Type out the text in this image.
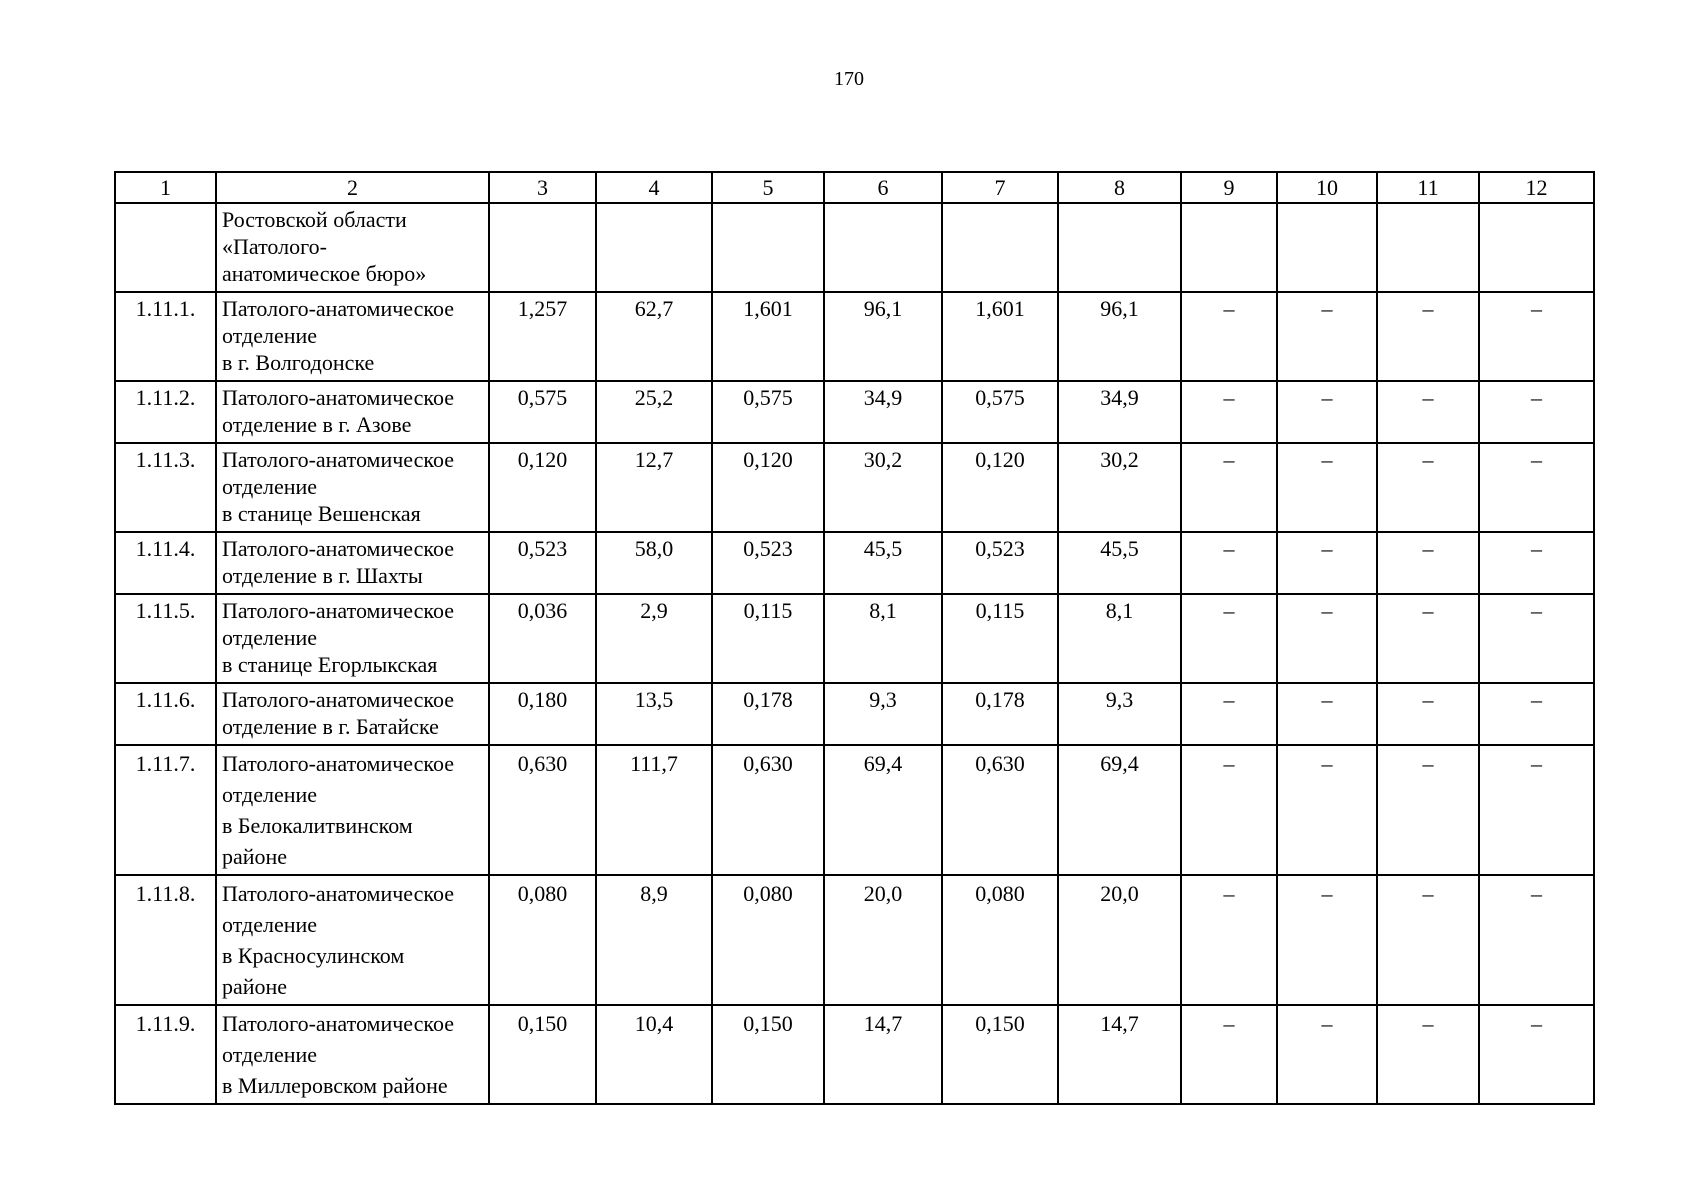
170
1	2	3	4	5	6	7	8	9	10	11	12

	Ростовской области
«Патолого-
анатомическое бюро»										

1.11.1.	Патолого-анатомическое
отделение
в г. Волгодонске	1,257	62,7	1,601	96,1	1,601	96,1	–	–	–	–
1.11.2.	Патолого-анатомическое
отделение в г. Азове	0,575	25,2	0,575	34,9	0,575	34,9	–	–	–	–
1.11.3.	Патолого-анатомическое
отделение
в станице Вешенская	0,120	12,7	0,120	30,2	0,120	30,2	–	–	–	–
1.11.4.	Патолого-анатомическое
отделение в г. Шахты	0,523	58,0	0,523	45,5	0,523	45,5	–	–	–	–
1.11.5.	Патолого-анатомическое
отделение
в станице Егорлыкская	0,036	2,9	0,115	8,1	0,115	8,1	–	–	–	–
1.11.6.	Патолого-анатомическое
отделение в г. Батайске	0,180	13,5	0,178	9,3	0,178	9,3	–	–	–	–
1.11.7.	Патолого-анатомическое
отделение
в Белокалитвинском
районе	0,630	111,7	0,630	69,4	0,630	69,4	–	–	–	–
1.11.8.	Патолого-анатомическое
отделение
в Красносулинском
районе	0,080	8,9	0,080	20,0	0,080	20,0	–	–	–	–
1.11.9.	Патолого-анатомическое
отделение
в Миллеровском районе	0,150	10,4	0,150	14,7	0,150	14,7	–	–	–	–
